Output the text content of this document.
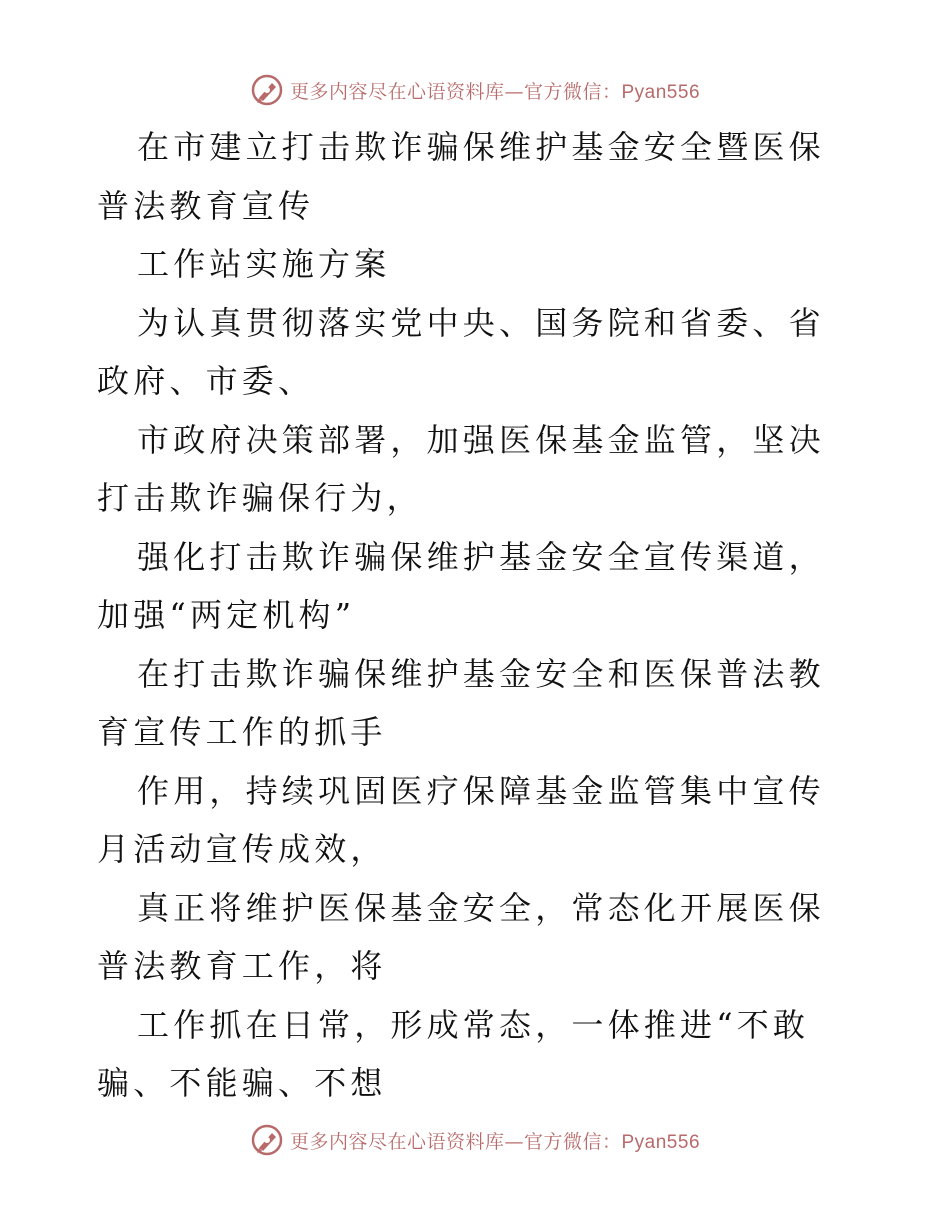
更多内容尽在心语资料库—官方微信：Pyan556

在市建立打击欺诈骗保维护基金安全暨医保普法教育宣传

工作站实施方案

为认真贯彻落实党中央、国务院和省委、省政府、市委、

市政府决策部署，加强医保基金监管，坚决打击欺诈骗保行为，

强化打击欺诈骗保维护基金安全宣传渠道，加强“两定机构”

在打击欺诈骗保维护基金安全和医保普法教育宣传工作的抓手

作用，持续巩固医疗保障基金监管集中宣传月活动宣传成效，

真正将维护医保基金安全，常态化开展医保普法教育工作，将

工作抓在日常，形成常态，一体推进“不敢骗、不能骗、不想

更多内容尽在心语资料库—官方微信：Pyan556
